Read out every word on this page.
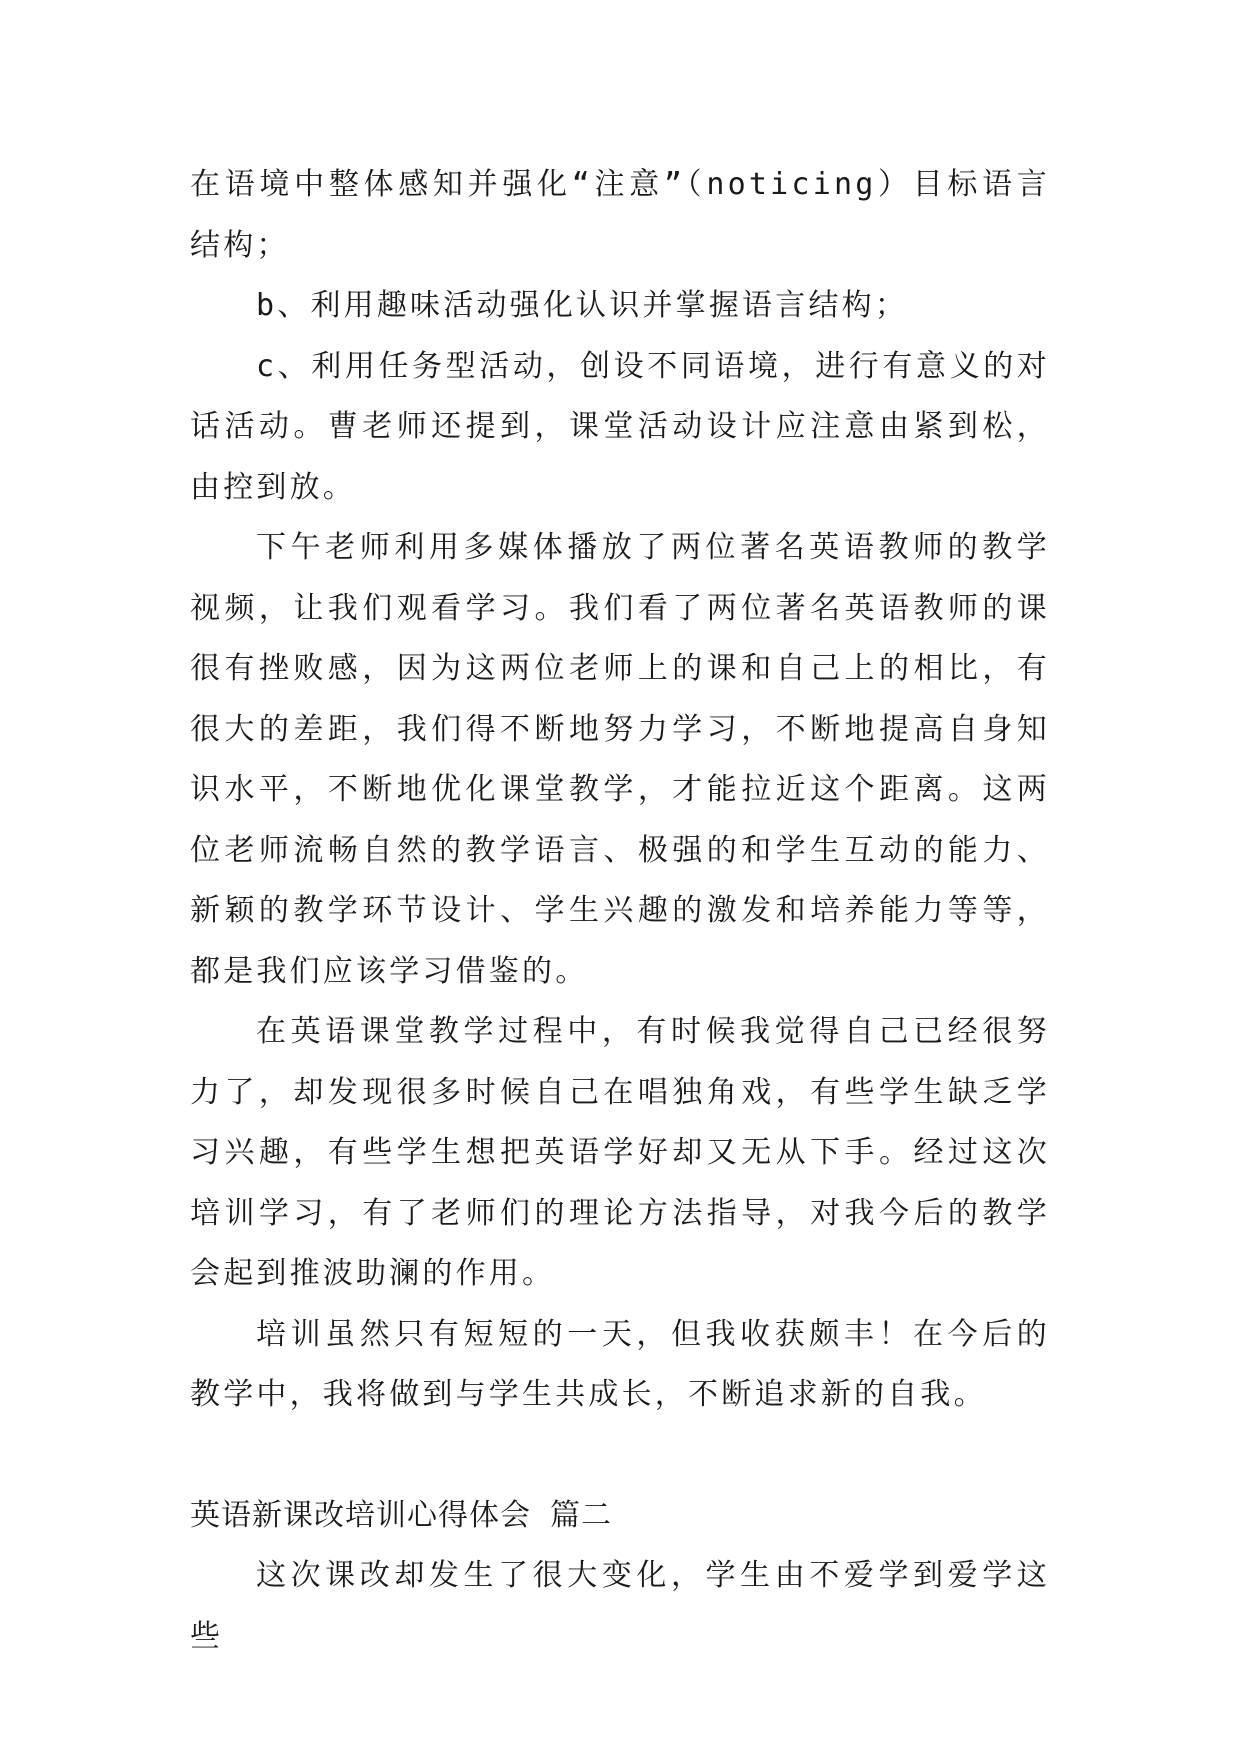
在语境中整体感知并强化“注意”（noticing）目标语言结构；

b、利用趣味活动强化认识并掌握语言结构；

c、利用任务型活动，创设不同语境，进行有意义的对话活动。曹老师还提到，课堂活动设计应注意由紧到松，由控到放。

下午老师利用多媒体播放了两位著名英语教师的教学视频，让我们观看学习。我们看了两位著名英语教师的课很有挫败感，因为这两位老师上的课和自己上的相比，有很大的差距，我们得不断地努力学习，不断地提高自身知识水平，不断地优化课堂教学，才能拉近这个距离。这两位老师流畅自然的教学语言、极强的和学生互动的能力、新颖的教学环节设计、学生兴趣的激发和培养能力等等，都是我们应该学习借鉴的。

在英语课堂教学过程中，有时候我觉得自己已经很努力了，却发现很多时候自己在唱独角戏，有些学生缺乏学习兴趣，有些学生想把英语学好却又无从下手。经过这次培训学习，有了老师们的理论方法指导，对我今后的教学会起到推波助澜的作用。

培训虽然只有短短的一天，但我收获颇丰！在今后的教学中，我将做到与学生共成长，不断追求新的自我。

英语新课改培训心得体会 篇二

这次课改却发生了很大变化，学生由不爱学到爱学这些
